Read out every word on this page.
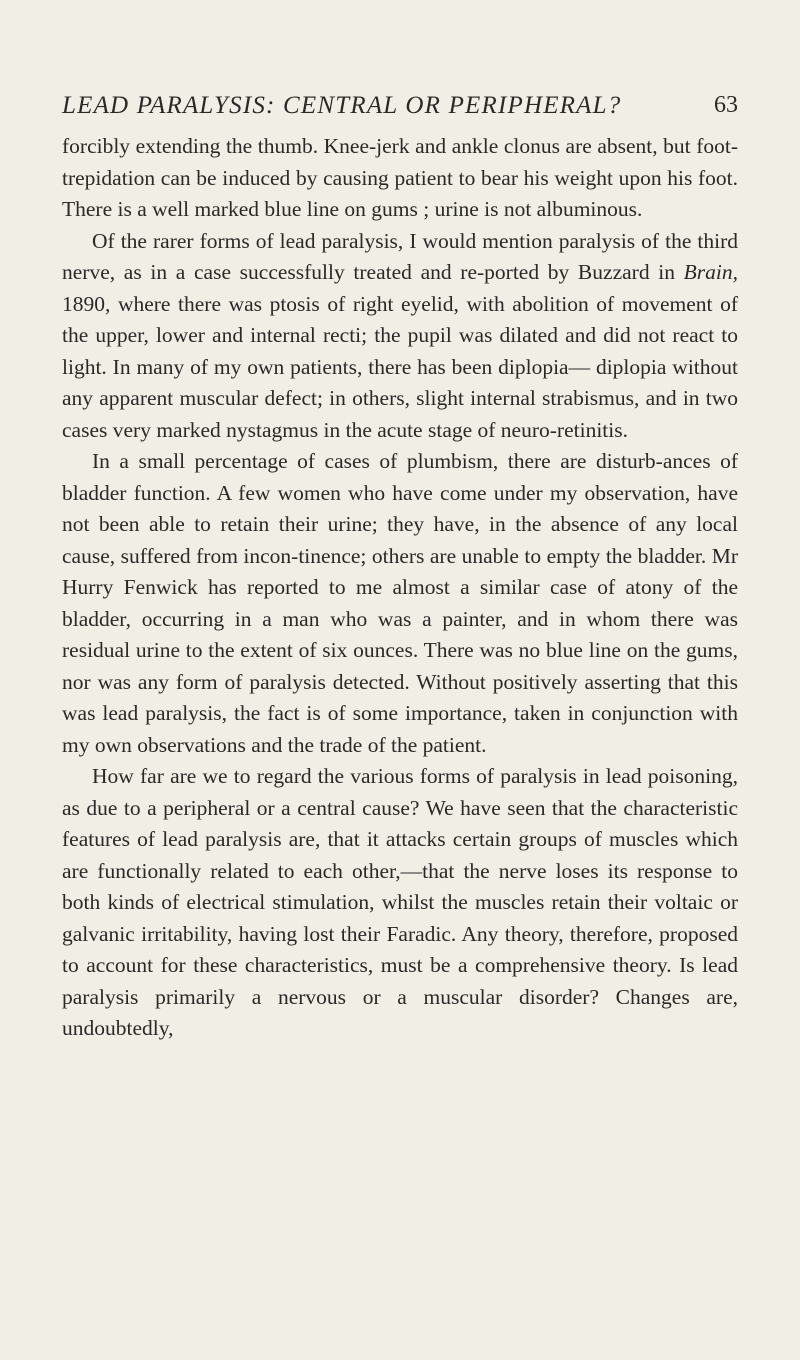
LEAD PARALYSIS: CENTRAL OR PERIPHERAL?	63

forcibly extending the thumb. Knee-jerk and ankle clonus are absent, but foot-trepidation can be induced by causing patient to bear his weight upon his foot. There is a well marked blue line on gums ; urine is not albuminous.

Of the rarer forms of lead paralysis, I would mention paralysis of the third nerve, as in a case successfully treated and re-ported by Buzzard in Brain, 1890, where there was ptosis of right eyelid, with abolition of movement of the upper, lower and internal recti; the pupil was dilated and did not react to light. In many of my own patients, there has been diplopia— diplopia without any apparent muscular defect; in others, slight internal strabismus, and in two cases very marked nystagmus in the acute stage of neuro-retinitis.

In a small percentage of cases of plumbism, there are disturb-ances of bladder function. A few women who have come under my observation, have not been able to retain their urine; they have, in the absence of any local cause, suffered from incon-tinence; others are unable to empty the bladder. Mr Hurry Fenwick has reported to me almost a similar case of atony of the bladder, occurring in a man who was a painter, and in whom there was residual urine to the extent of six ounces. There was no blue line on the gums, nor was any form of paralysis detected. Without positively asserting that this was lead paralysis, the fact is of some importance, taken in conjunction with my own observations and the trade of the patient.

How far are we to regard the various forms of paralysis in lead poisoning, as due to a peripheral or a central cause? We have seen that the characteristic features of lead paralysis are, that it attacks certain groups of muscles which are functionally related to each other,—that the nerve loses its response to both kinds of electrical stimulation, whilst the muscles retain their voltaic or galvanic irritability, having lost their Faradic. Any theory, therefore, proposed to account for these characteristics, must be a comprehensive theory. Is lead paralysis primarily a nervous or a muscular disorder? Changes are, undoubtedly,
